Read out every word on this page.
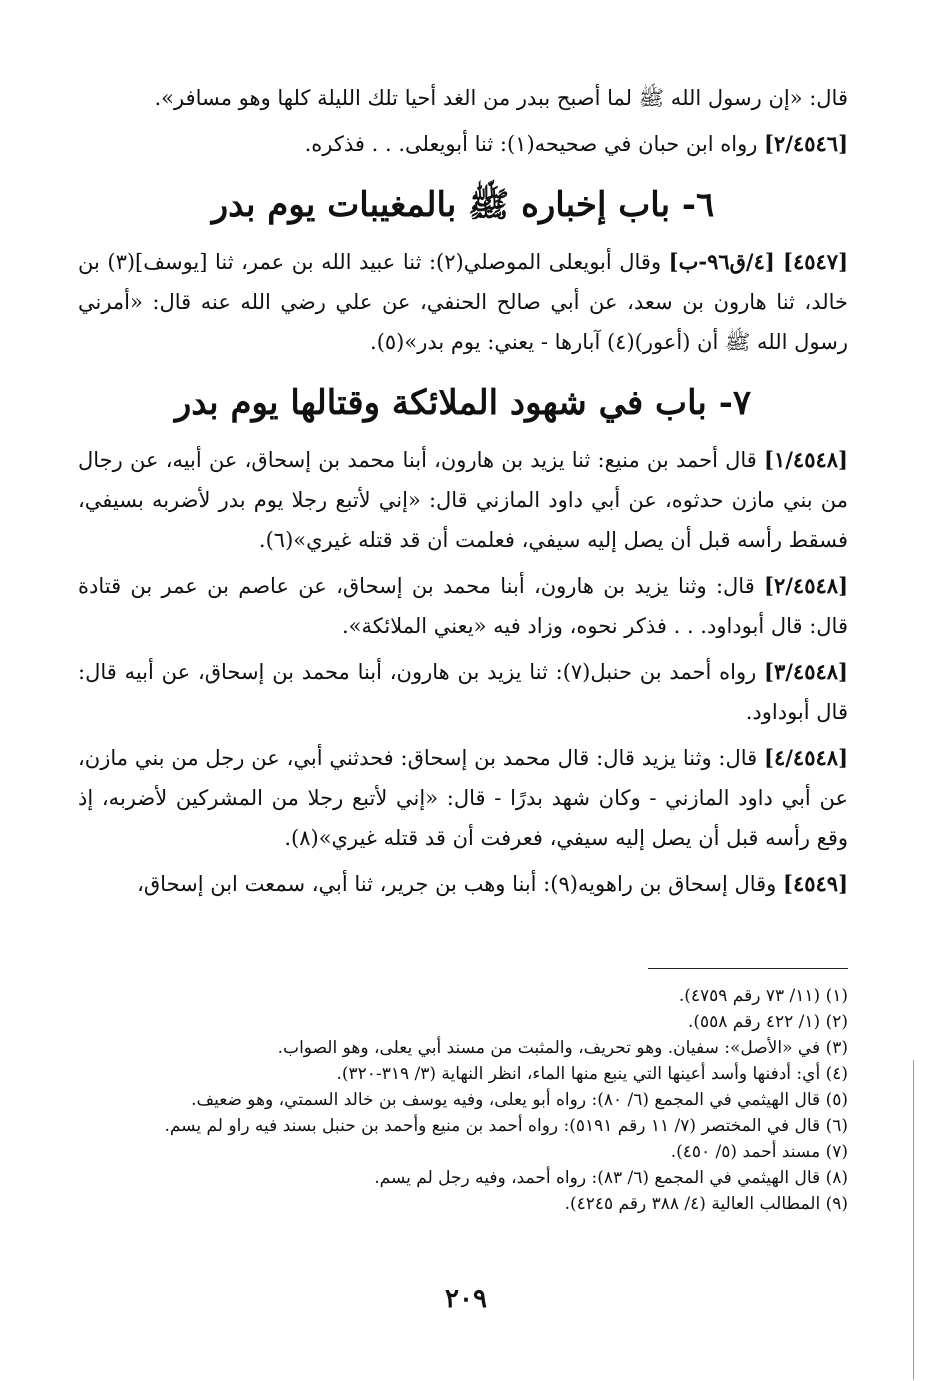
قال: «إن رسول الله ﷺ لما أصبح ببدر من الغد أحيا تلك الليلة كلها وهو مسافر».

[٢/٤٥٤٦] رواه ابن حبان في صحيحه(١): ثنا أبويعلى. . . فذكره.

٦- باب إخباره ﷺ بالمغيبات يوم بدر

[٤٥٤٧] [٤/ق٩٦-ب] وقال أبويعلى الموصلي(٢): ثنا عبيد الله بن عمر، ثنا [يوسف](٣) بن خالد، ثنا هارون بن سعد، عن أبي صالح الحنفي، عن علي رضي الله عنه قال: «أمرني رسول الله ﷺ أن (أعور)(٤) آبارها - يعني: يوم بدر»(٥).

٧- باب في شهود الملائكة وقتالها يوم بدر

[١/٤٥٤٨] قال أحمد بن منيع: ثنا يزيد بن هارون، أبنا محمد بن إسحاق، عن أبيه، عن رجال من بني مازن حدثوه، عن أبي داود المازني قال: «إني لأتبع رجلا يوم بدر لأضربه بسيفي، فسقط رأسه قبل أن يصل إليه سيفي، فعلمت أن قد قتله غيري»(٦).

[٢/٤٥٤٨] قال: وثنا يزيد بن هارون، أبنا محمد بن إسحاق، عن عاصم بن عمر بن قتادة قال: قال أبوداود. . . فذكر نحوه، وزاد فيه «يعني الملائكة».

[٣/٤٥٤٨] رواه أحمد بن حنبل(٧): ثنا يزيد بن هارون، أبنا محمد بن إسحاق، عن أبيه قال: قال أبوداود.

[٤/٤٥٤٨] قال: وثنا يزيد قال: قال محمد بن إسحاق: فحدثني أبي، عن رجل من بني مازن، عن أبي داود المازني - وكان شهد بدرًا - قال: «إني لأتبع رجلا من المشركين لأضربه، إذ وقع رأسه قبل أن يصل إليه سيفي، فعرفت أن قد قتله غيري»(٨).

[٤٥٤٩] وقال إسحاق بن راهويه(٩): أبنا وهب بن جرير، ثنا أبي، سمعت ابن إسحاق،

(١) (١١/ ٧٣ رقم ٤٧٥٩).

(٢) (١/ ٤٢٢ رقم ٥٥٨).

(٣) في «الأصل»: سفيان. وهو تحريف، والمثبت من مسند أبي يعلى، وهو الصواب.

(٤) أي: أدفنها وأسد أعينها التي ينبع منها الماء، انظر النهاية (٣/ ٣١٩-٣٢٠).

(٥) قال الهيثمي في المجمع (٦/ ٨٠): رواه أبو يعلى، وفيه يوسف بن خالد السمتي، وهو ضعيف.

(٦) قال في المختصر (٧/ ١١ رقم ٥١٩١): رواه أحمد بن منيع وأحمد بن حنبل بسند فيه راو لم يسم.

(٧) مسند أحمد (٥/ ٤٥٠).

(٨) قال الهيثمي في المجمع (٦/ ٨٣): رواه أحمد، وفيه رجل لم يسم.

(٩) المطالب العالية (٤/ ٣٨٨ رقم ٤٢٤٥).

٢٠٩
